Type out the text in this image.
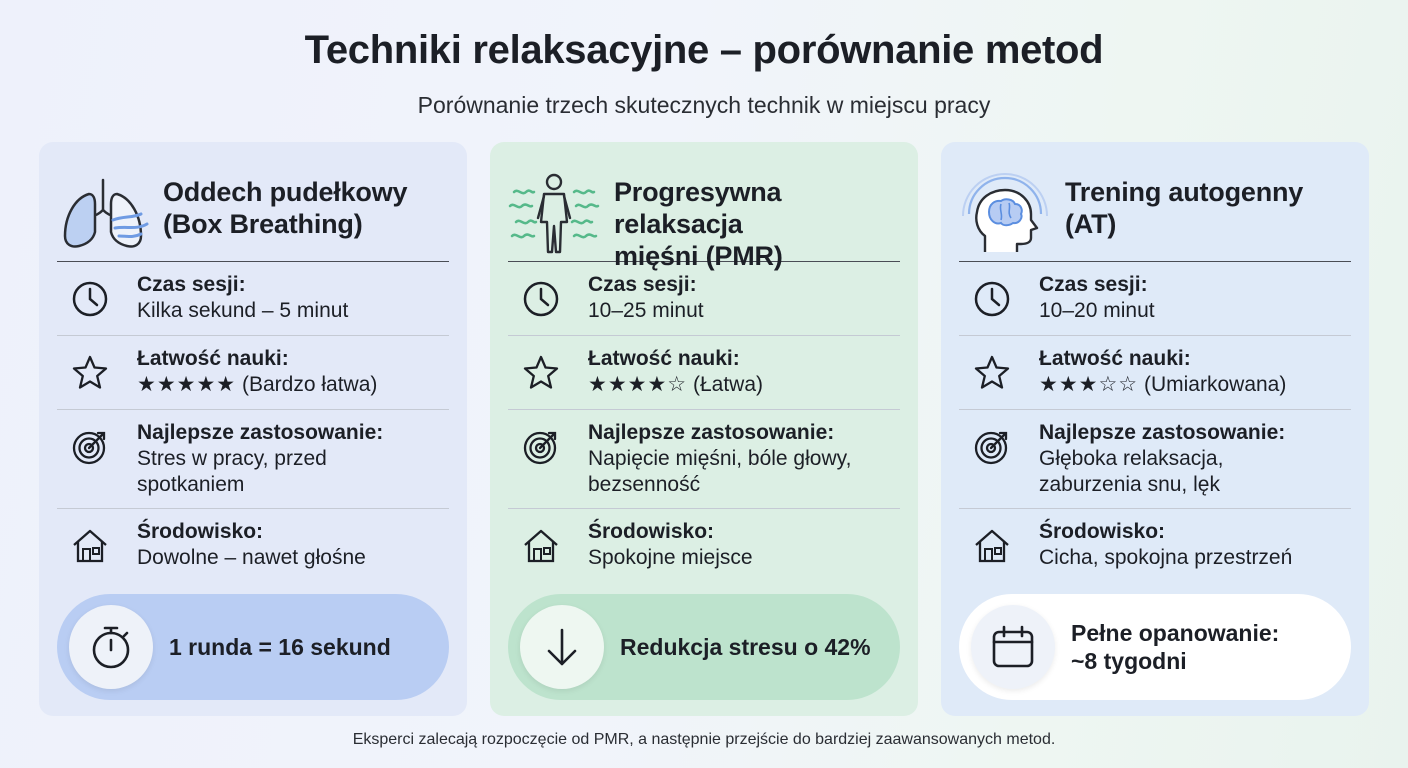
Techniki relaksacyjne – porównanie metod
Porównanie trzech skutecznych technik w miejscu pracy
Oddech pudełkowy
(Box Breathing)
Czas sesji:
Kilka sekund – 5 minut
Łatwość nauki:
★★★★★ (Bardzo łatwa)
Najlepsze zastosowanie:
Stres w pracy, przed
spotkaniem
Środowisko:
Dowolne – nawet głośne
1 runda = 16 sekund
Progresywna relaksacja
mięśni (PMR)
Czas sesji:
10–25 minut
Łatwość nauki:
★★★★☆ (Łatwa)
Najlepsze zastosowanie:
Napięcie mięśni, bóle głowy,
bezsenność
Środowisko:
Spokojne miejsce
Redukcja stresu o 42%
Trening autogenny
(AT)
Czas sesji:
10–20 minut
Łatwość nauki:
★★★☆☆ (Umiarkowana)
Najlepsze zastosowanie:
Głęboka relaksacja,
zaburzenia snu, lęk
Środowisko:
Cicha, spokojna przestrzeń
Pełne opanowanie:
~8 tygodni
Eksperci zalecają rozpoczęcie od PMR, a następnie przejście do bardziej zaawansowanych metod.
